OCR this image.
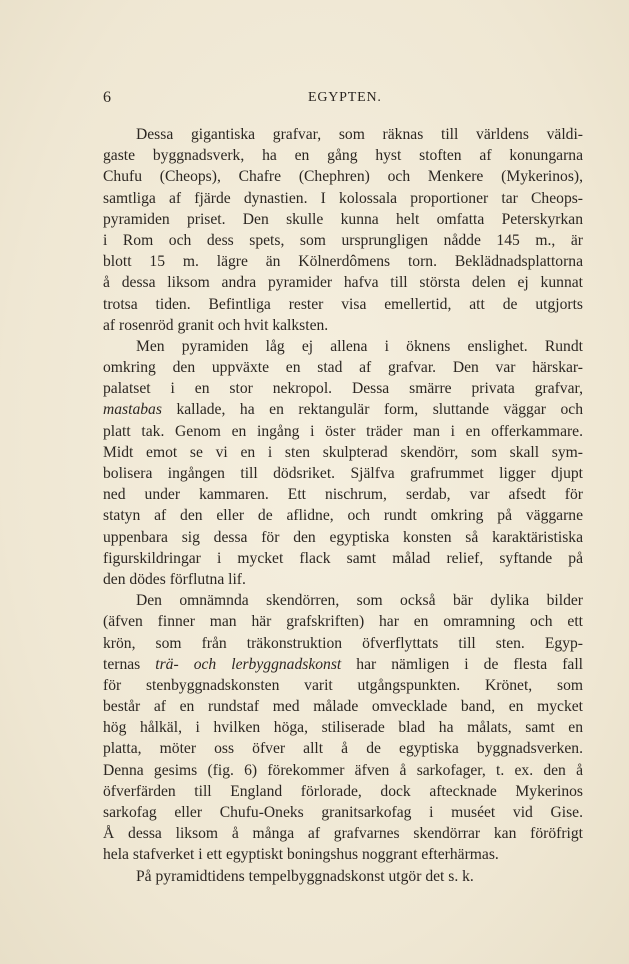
6	EGYPTEN.
Dessa gigantiska grafvar, som räknas till världens väldi-
gaste byggnadsverk, ha en gång hyst stoften af konungarna
Chufu (Cheops), Chafre (Chephren) och Menkere (Mykerinos),
samtliga af fjärde dynastien. I kolossala proportioner tar Cheops-
pyramiden priset. Den skulle kunna helt omfatta Peterskyrkan
i Rom och dess spets, som ursprungligen nådde 145 m., är
blott 15 m. lägre än Kölnerdômens torn. Beklädnadsplattorna
å dessa liksom andra pyramider hafva till största delen ej kunnat
trotsa tiden. Befintliga rester visa emellertid, att de utgjorts
af rosenröd granit och hvit kalksten.
Men pyramiden låg ej allena i öknens enslighet. Rundt
omkring den uppväxte en stad af grafvar. Den var härskar-
palatset i en stor nekropol. Dessa smärre privata grafvar,
mastabas kallade, ha en rektangulär form, sluttande väggar och
platt tak. Genom en ingång i öster träder man i en offerkammare.
Midt emot se vi en i sten skulpterad skendörr, som skall sym-
bolisera ingången till dödsriket. Själfva grafrummet ligger djupt
ned under kammaren. Ett nischrum, serdab, var afsedt för
statyn af den eller de aflidne, och rundt omkring på väggarne
uppenbara sig dessa för den egyptiska konsten så karaktäristiska
figurskildringar i mycket flack samt målad relief, syftande på
den dödes förflutna lif.
Den omnämnda skendörren, som också bär dylika bilder
(äfven finner man här grafskriften) har en omramning och ett
krön, som från träkonstruktion öfverflyttats till sten. Egyp-
ternas trä- och lerbyggnadskonst har nämligen i de flesta fall
för stenbyggnadskonsten varit utgångspunkten. Krönet, som
består af en rundstaf med målade omvecklade band, en mycket
hög hålkäl, i hvilken höga, stiliserade blad ha målats, samt en
platta, möter oss öfver allt å de egyptiska byggnadsverken.
Denna gesims (fig. 6) förekommer äfven å sarkofager, t. ex. den å
öfverfärden till England förlorade, dock aftecknade Mykerinos
sarkofag eller Chufu-Oneks granitsarkofag i muséet vid Gise.
Å dessa liksom å många af grafvarnes skendörrar kan föröfrigt
hela stafverket i ett egyptiskt boningshus noggrant efterhärmas.
På pyramidtidens tempelbyggnadskonst utgör det s. k.
